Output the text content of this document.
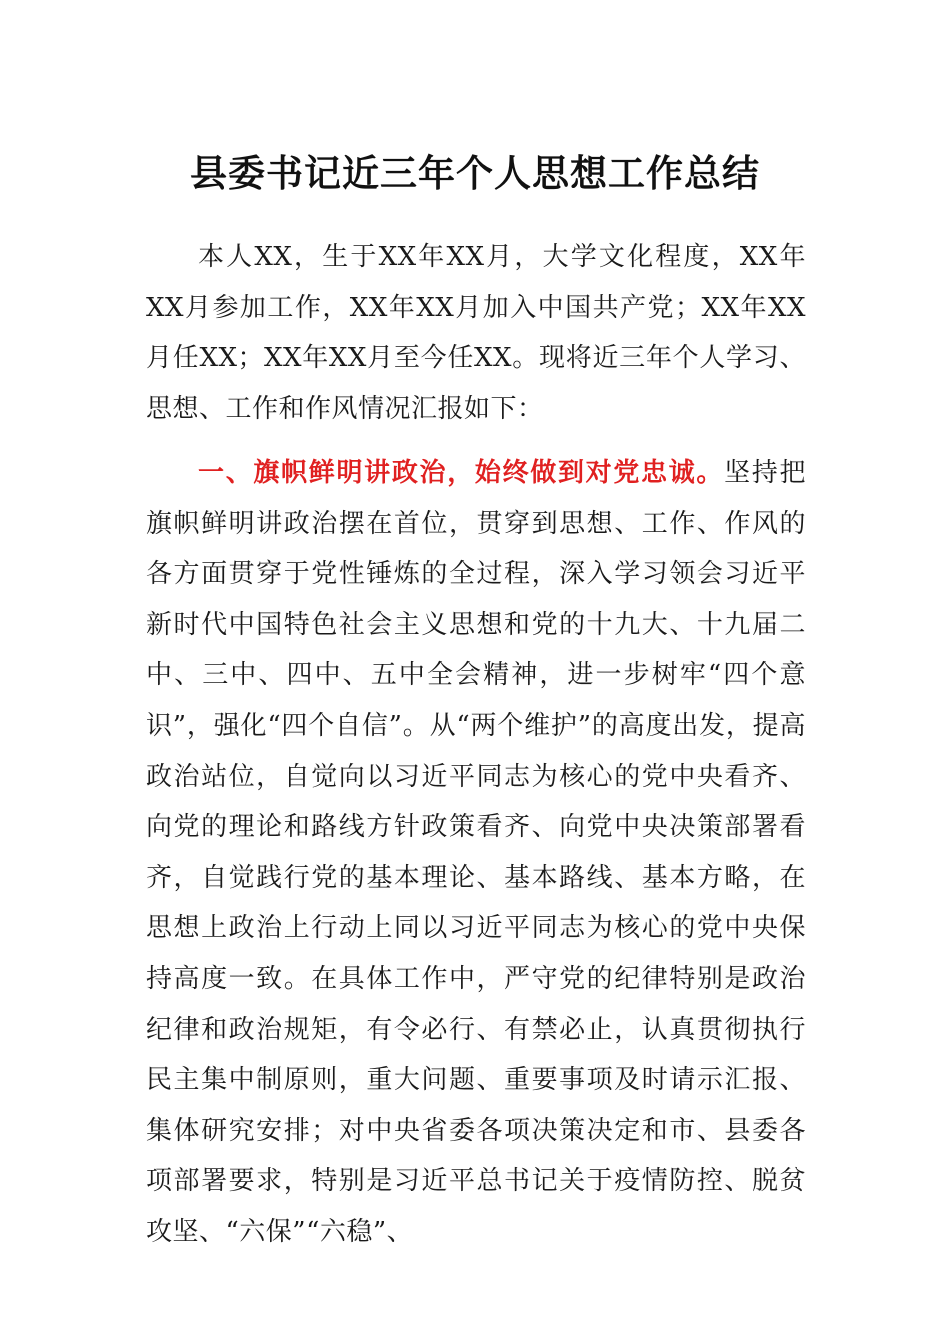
县委书记近三年个人思想工作总结

本人XX，生于XX年XX月，大学文化程度，XX年XX月参加工作，XX年XX月加入中国共产党；XX年XX月任XX；XX年XX月至今任XX。现将近三年个人学习、思想、工作和作风情况汇报如下：

一、旗帜鲜明讲政治，始终做到对党忠诚。坚持把旗帜鲜明讲政治摆在首位，贯穿到思想、工作、作风的各方面贯穿于党性锤炼的全过程，深入学习领会习近平新时代中国特色社会主义思想和党的十九大、十九届二中、三中、四中、五中全会精神，进一步树牢“四个意识”，强化“四个自信”。从“两个维护”的高度出发，提高政治站位，自觉向以习近平同志为核心的党中央看齐、向党的理论和路线方针政策看齐、向党中央决策部署看齐，自觉践行党的基本理论、基本路线、基本方略，在思想上政治上行动上同以习近平同志为核心的党中央保持高度一致。在具体工作中，严守党的纪律特别是政治纪律和政治规矩，有令必行、有禁必止，认真贯彻执行民主集中制原则，重大问题、重要事项及时请示汇报、集体研究安排；对中央省委各项决策决定和市、县委各项部署要求，特别是习近平总书记关于疫情防控、脱贫攻坚、“六保”“六稳”、
